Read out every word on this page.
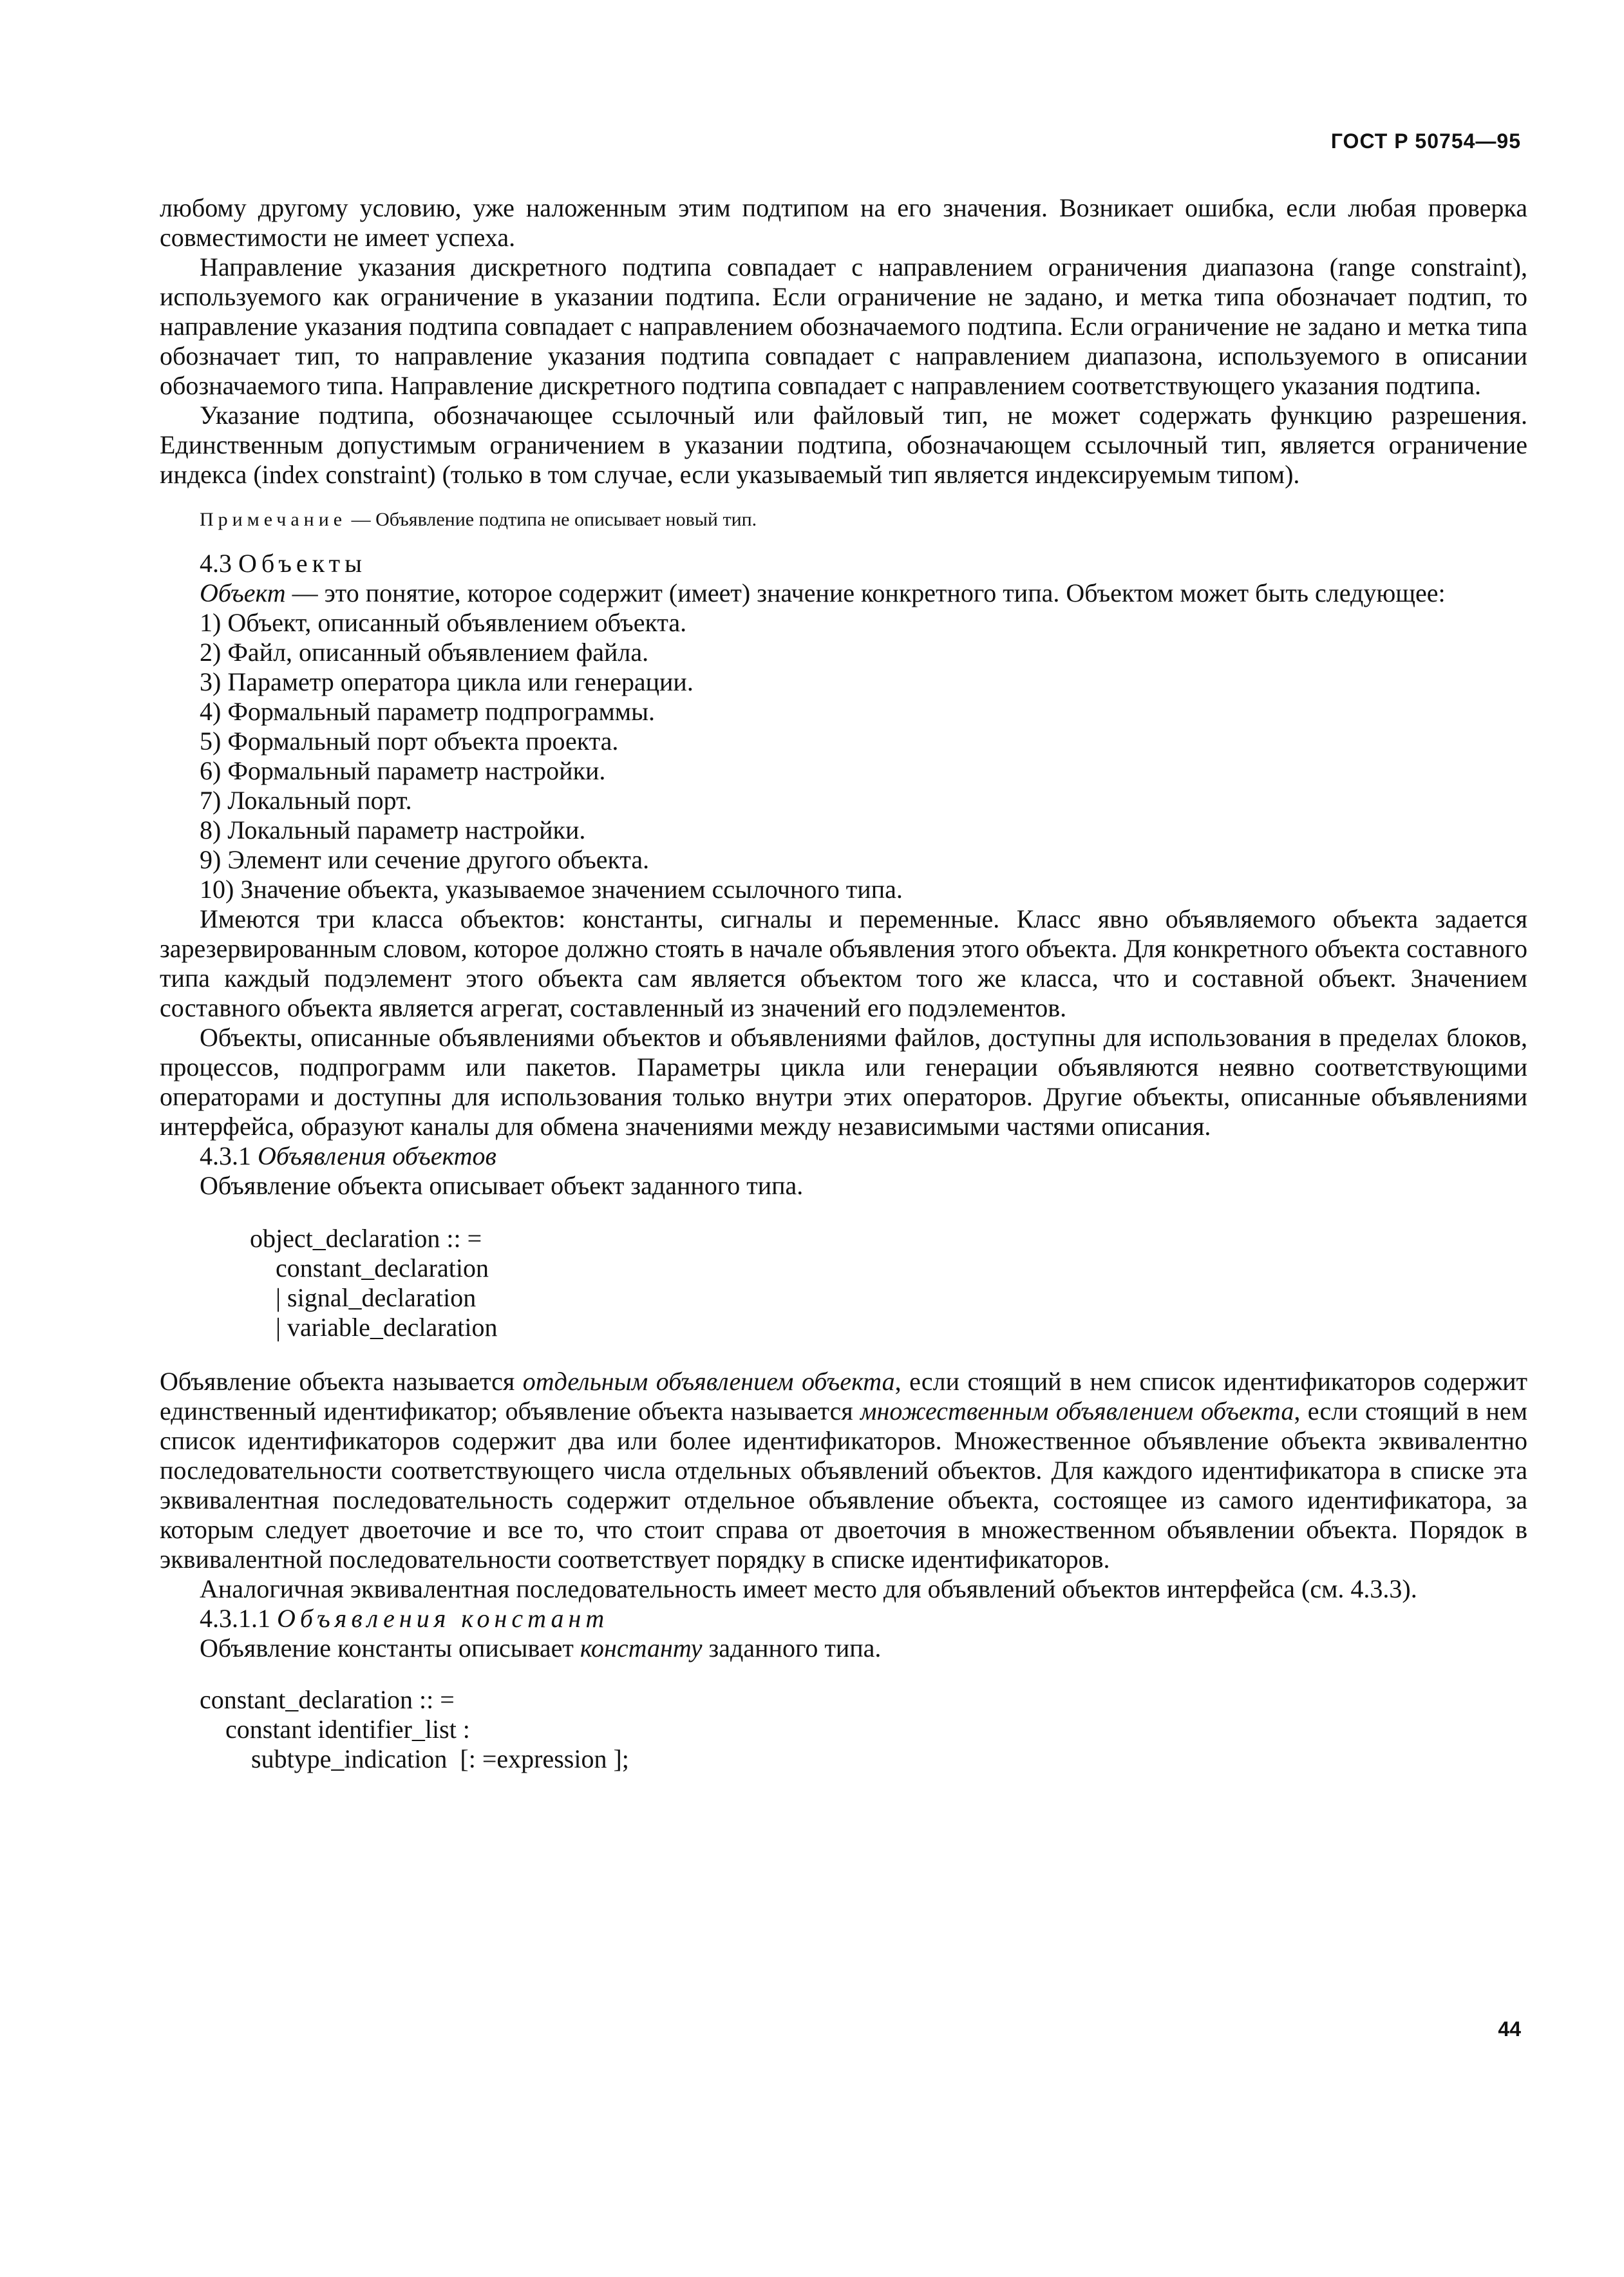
ГОСТ Р 50754—95

любому другому условию, уже наложенным этим подтипом на его значения. Возникает ошибка, если любая проверка совместимости не имеет успеха.

Направление указания дискретного подтипа совпадает с направлением ограничения диапазона (range constraint), используемого как ограничение в указании подтипа. Если ограничение не задано, и метка типа обозначает подтип, то направление указания подтипа совпадает с направлением обозначаемого подтипа. Если ограничение не задано и метка типа обозначает тип, то направление указания подтипа совпадает с направлением диапазона, используемого в описании обозначаемого типа. Направление дискретного подтипа совпадает с направлением соответствующего указания подтипа.

Указание подтипа, обозначающее ссылочный или файловый тип, не может содержать функцию разрешения. Единственным допустимым ограничением в указании подтипа, обозначающем ссылочный тип, является ограничение индекса (index constraint) (только в том случае, если указываемый тип является индексируемым типом).

Примечание — Объявление подтипа не описывает новый тип.

4.3 Объекты

Объект — это понятие, которое содержит (имеет) значение конкретного типа. Объектом может быть следующее:

1) Объект, описанный объявлением объекта.
2) Файл, описанный объявлением файла.
3) Параметр оператора цикла или генерации.
4) Формальный параметр подпрограммы.
5) Формальный порт объекта проекта.
6) Формальный параметр настройки.
7) Локальный порт.
8) Локальный параметр настройки.
9) Элемент или сечение другого объекта.
10) Значение объекта, указываемое значением ссылочного типа.

Имеются три класса объектов: константы, сигналы и переменные. Класс явно объявляемого объекта задается зарезервированным словом, которое должно стоять в начале объявления этого объекта. Для конкретного объекта составного типа каждый подэлемент этого объекта сам является объектом того же класса, что и составной объект. Значением составного объекта является агрегат, составленный из значений его подэлементов.

Объекты, описанные объявлениями объектов и объявлениями файлов, доступны для использования в пределах блоков, процессов, подпрограмм или пакетов. Параметры цикла или генерации объявляются неявно соответствующими операторами и доступны для использования только внутри этих операторов. Другие объекты, описанные объявлениями интерфейса, образуют каналы для обмена значениями между независимыми частями описания.

4.3.1 Объявления объектов

Объявление объекта описывает объект заданного типа.

object_declaration :: =
constant_declaration
| signal_declaration
| variable_declaration

Объявление объекта называется отдельным объявлением объекта, если стоящий в нем список идентификаторов содержит единственный идентификатор; объявление объекта называется множественным объявлением объекта, если стоящий в нем список идентификаторов содержит два или более идентификаторов. Множественное объявление объекта эквивалентно последовательности соответствующего числа отдельных объявлений объектов. Для каждого идентификатора в списке эта эквивалентная последовательность содержит отдельное объявление объекта, состоящее из самого идентификатора, за которым следует двоеточие и все то, что стоит справа от двоеточия в множественном объявлении объекта. Порядок в эквивалентной последовательности соответствует порядку в списке идентификаторов.

Аналогичная эквивалентная последовательность имеет место для объявлений объектов интерфейса (см. 4.3.3).

4.3.1.1 Объявления констант

Объявление константы описывает константу заданного типа.

constant_declaration :: =
constant identifier_list :
subtype_indication  [: =expression ];
44
